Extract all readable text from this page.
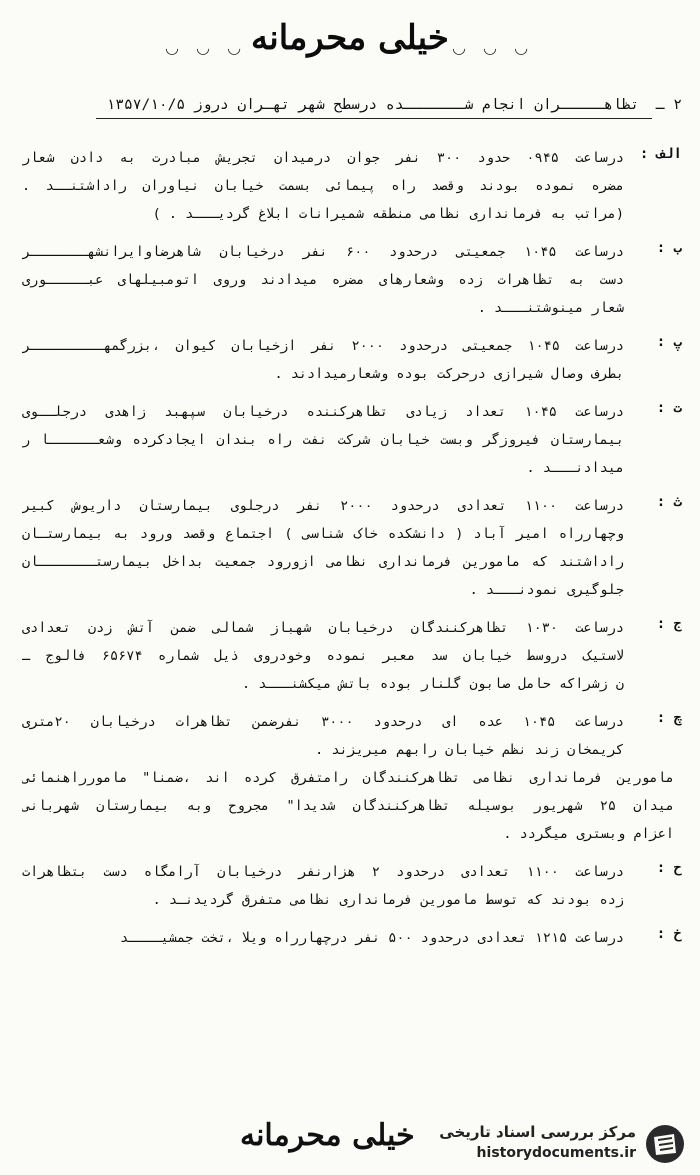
◡ ◡ ◡	◡ ◡ ◡
خیلی محرمانه
۲ ـ تظاهـــــران انجام شـــــــده درسطح شهر تهـران دروز ۱۳۵۷/۱۰/۵
الف :
درساعت ۰۹۴۵ حدود ۳۰۰ نفر جوان درمیدان تجریش مبادرت به دادن شعار
مضره نموده بودند وقصد راه پیمائی بسمت خیابان نیاوران راداشتنــد .
(مراتب به فرمانداری نظامی منطقه شمیرانات ابلاغ گردیـــد . )
ب :
درساعت ۱۰۴۵ جمعیتی درحدود ۶۰۰ نفر درخیابان شاهرضاوایرانشهـــــــر
دست به تظاهرات زده وشعارهای مضره میدادند وروی اتومبیلهای عبـــــوری
شعار مینوشتنـــد .
پ :
درساعت ۱۰۴۵ جمعیتی درحدود ۲۰۰۰ نفر ازخیابان کیوان ،بزرگمهـــــــــر
بطرف وصال شیرازی درحرکت بوده وشعارمیدادند .
ت :
درساعت ۱۰۴۵ تعداد زیادی تظاهرکننده درخیابان سپهبد زاهدی درجلــوی
بیمارستان فیروزگر وبست خیابان شرکت نفت راه بندان ایجادکرده وشعــــــا ر
میدادنـــد .
ث :
درساعت ۱۱۰۰ تعدادی درحدود ۲۰۰۰ نفر درجلوی بیمارستان داریوش کبیر
وچهارراه امیر آباد ( دانشکده خاک شناسی ) اجتماع وقصد ورود به بیمارستـان
راداشتند که مامورین فرمانداری نظامی ازورود جمعیت بداخل بیمارستـــــــان
جلوگیری نمودنـــد .
ج :
درساعت ۱۰۳۰ تظاهرکنندگان درخیابان شهباز شمالی ضمن آتش زدن تعدادی
لاستیک دروسط خیابان سد معبر نموده وخودروی ذیل شماره ۶۵۶۷۴ فالوج ـ
ن زشراکه حامل صابون گلنار بوده باتش میکشنـــد .
چ :
درساعت ۱۰۴۵ عده ای درحدود ۳۰۰۰ نفرضمن تظاهرات درخیابان ۲۰متری
کریمخان زند نظم خیابان رابهم میریزند .
مامورین فرمانداری نظامی تظاهرکنندگان رامتفرق کرده اند ،ضمنا" مامورراهنمائی
میدان ۲۵ شهریور بوسیله تظاهرکنندگان شدیدا" مجروح وبه بیمارستان شهربانی
اعزام وبستری میگردد .
ح :
درساعت ۱۱۰۰ تعدادی درحدود ۲ هزارنفر درخیابان آرامگاه دست بتظاهرات
زده بودند که توسط مامورین فرمانداری نظامی متفرق گردیدنـد .
خ :
درساعت ۱۲۱۵ تعدادی درحدود ۵۰۰ نفر درچهارراه ویلا ،تخت جمشیــــد
خیلی محرمانه مرکز بررسی اسناد تاریخی
historydocuments.ir
